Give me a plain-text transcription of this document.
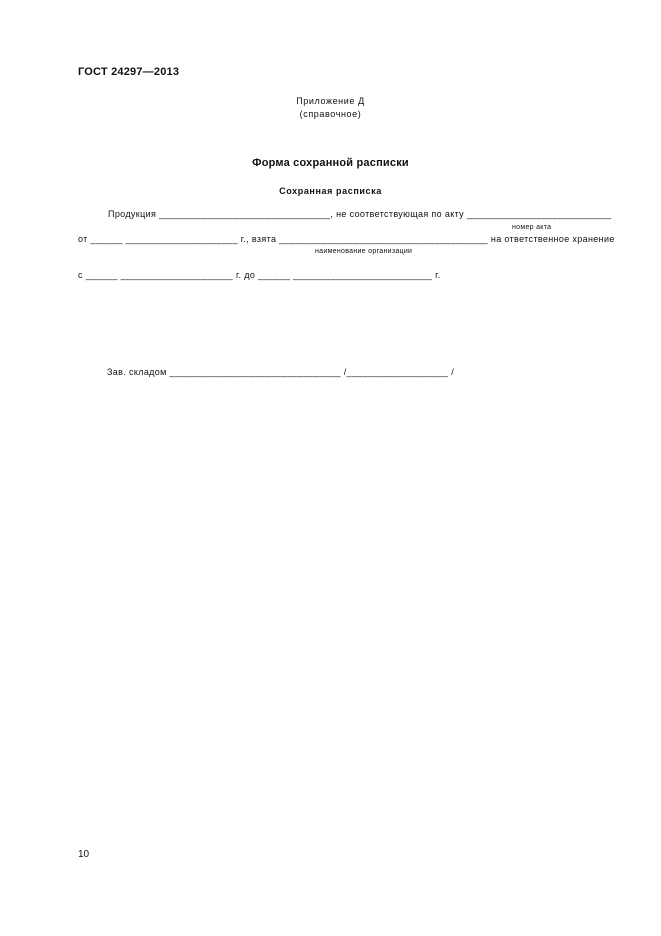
ГОСТ 24297—2013
Приложение Д
(справочное)
Форма сохранной расписки
Сохранная расписка
Продукция ________________________________, не соответствующая по акту ___________________________
номер акта
от ______ _____________________ г., взята _______________________________________ на ответственное хранение
наименование организации
с ______ _____________________ г. до ______ __________________________ г.
Зав. складом ________________________________ /___________________ /
10
